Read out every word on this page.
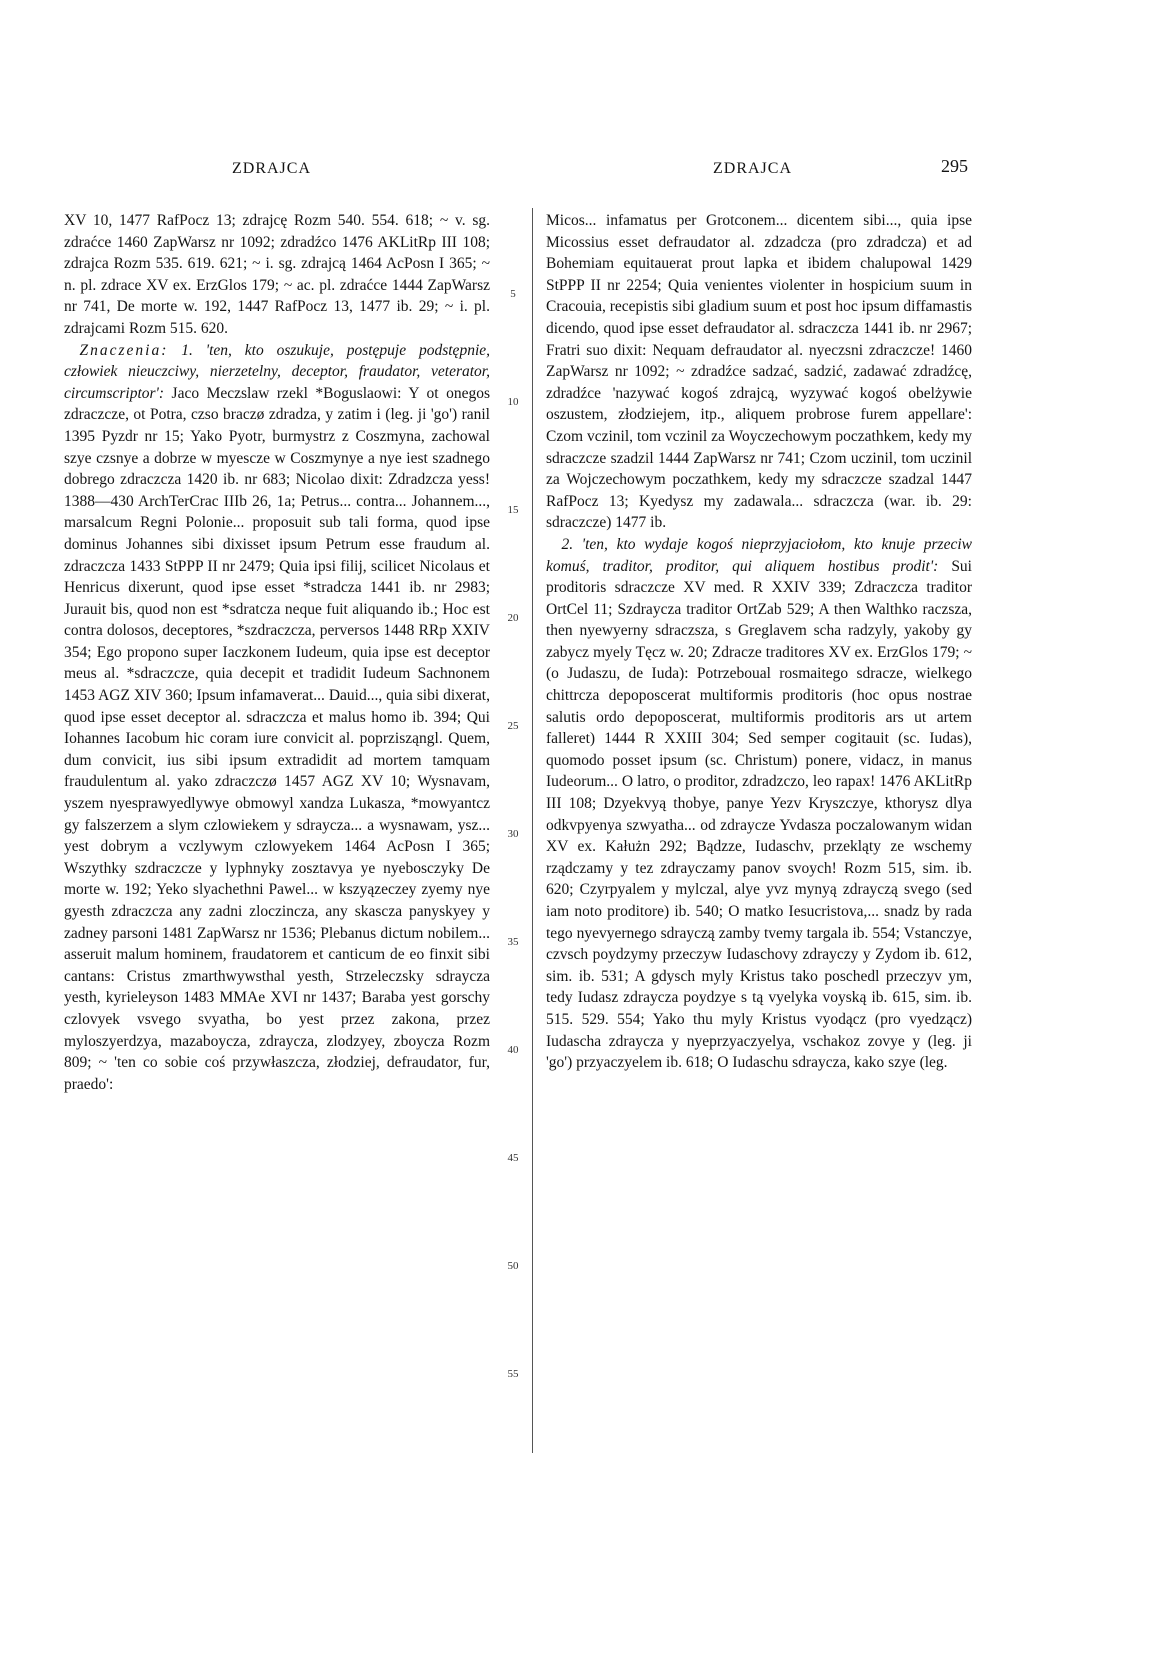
ZDRAJCA	ZDRAJCA	295

XV 10, 1477 RafPocz 13; zdrajcę Rozm 540. 554. 618; ~ v. sg. zdraćce 1460 ZapWarsz nr 1092; zdradźco 1476 AKLitRp III 108; zdrajca Rozm 535. 619. 621; ~ i. sg. zdrajcą 1464 AcPosn I 365; ~ n. pl. zdrace XV ex. ErzGlos 179; ~ ac. pl. zdraćce 1444 ZapWarsz nr 741, De morte w. 192, 1447 RafPocz 13, 1477 ib. 29; ~ i. pl. zdrajcami Rozm 515. 620.

 Znaczenia: 1. 'ten, kto oszukuje, postępuje podstępnie, człowiek nieuczciwy, nierzetelny, deceptor, fraudator, veterator, circumscriptor': Jaco Meczslaw rzekl *Boguslaowi: Y ot onegos zdraczcze, ot Potra, czso braczø zdradza, y zatim i (leg. ji 'go') ranil 1395 Pyzdr nr 15; Yako Pyotr, burmystrz z Coszmyna, zachowal szye czsnye a dobrze w myescze w Coszmynye a nye iest szadnego dobrego zdraczcza 1420 ib. nr 683; Nicolao dixit: Zdradzcza yess! 1388—430 ArchTerCrac IIIb 26, 1a; Petrus... contra... Johannem..., marsalcum Regni Polonie... proposuit sub tali forma, quod ipse dominus Johannes sibi dixisset ipsum Petrum esse fraudum al. zdraczcza 1433 StPPP II nr 2479; Quia ipsi filij, scilicet Nicolaus et Henricus dixerunt, quod ipse esset *stradcza 1441 ib. nr 2983; Jurauit bis, quod non est *sdratcza neque fuit aliquando ib.; Hoc est contra dolosos, deceptores, *szdraczcza, perversos 1448 RRp XXIV 354; Ego propono super Iaczkonem Iudeum, quia ipse est deceptor meus al. *sdraczcze, quia decepit et tradidit Iudeum Sachnonem 1453 AGZ XIV 360; Ipsum infamaverat... Dauid..., quia sibi dixerat, quod ipse esset deceptor al. sdraczcza et malus homo ib. 394; Qui Iohannes Iacobum hic coram iure convicit al. poprzisząngl. Quem, dum convicit, ius sibi ipsum extradidit ad mortem tamquam fraudulentum al. yako zdraczczø 1457 AGZ XV 10; Wysnavam, yszem nyesprawyedlywye obmowyl xandza Lukasza, *mowyantcz gy falszerzem a slym czlowiekem y sdraycza... a wysnawam, ysz... yest dobrym a vczlywym czlowyekem 1464 AcPosn I 365; Wszythky szdraczcze y lyphnyky zosztavya ye nyebosczyky De morte w. 192; Yeko slyachethni Pawel... w kszyązeczey zyemy nye gyesth zdraczcza any zadni zloczincza, any skascza panyskyey y zadney parsoni 1481 ZapWarsz nr 1536; Plebanus dictum nobilem... asseruit malum hominem, fraudatorem et canticum de eo finxit sibi cantans: Cristus zmarthwywsthal yesth, Strzeleczsky sdraycza yesth, kyrieleyson 1483 MMAe XVI nr 1437; Baraba yest gorschy czlovyek vsvego svyatha, bo yest przez zakona, przez myloszyerdzya, mazaboycza, zdraycza, zlodzyey, zboycza Rozm 809; ~ 'ten co sobie coś przywłaszcza, złodziej, defraudator, fur, praedo':

5
10
15
20
25
30
35
40
45
50
55

Micos... infamatus per Grotconem... dicentem sibi..., quia ipse Micossius esset defraudator al. zdzadcza (pro zdradcza) et ad Bohemiam equitauerat prout lapka et ibidem chalupowal 1429 StPPP II nr 2254; Quia venientes violenter in hospicium suum in Cracouia, recepistis sibi gladium suum et post hoc ipsum diffamastis dicendo, quod ipse esset defraudator al. sdraczcza 1441 ib. nr 2967; Fratri suo dixit: Nequam defraudator al. nyeczsni zdraczcze! 1460 ZapWarsz nr 1092; ~ zdradźce sadzać, sadzić, zadawać zdradźcę, zdradźce 'nazywać kogoś zdrajcą, wyzywać kogoś obelżywie oszustem, złodziejem, itp., aliquem probrose furem appellare': Czom vczinil, tom vczinil za Woyczechowym poczathkem, kedy my sdraczcze szadzil 1444 ZapWarsz nr 741; Czom uczinil, tom uczinil za Wojczechowym poczathkem, kedy my sdraczcze szadzal 1447 RafPocz 13; Kyedysz my zadawala... sdraczcza (war. ib. 29: sdraczcze) 1477 ib.

 2. 'ten, kto wydaje kogoś nieprzyjaciołom, kto knuje przeciw komuś, traditor, proditor, qui aliquem hostibus prodit': Sui proditoris sdraczcze XV med. R XXIV 339; Zdraczcza traditor OrtCel 11; Szdraycza traditor OrtZab 529; A then Walthko raczsza, then nyewyerny sdraczsza, s Greglavem scha radzyly, yakoby gy zabycz myely Tęcz w. 20; Zdracze traditores XV ex. ErzGlos 179; ~ (o Judaszu, de Iuda): Potrzeboual rosmaitego sdracze, wielkego chittrcza depoposcerat multiformis proditoris (hoc opus nostrae salutis ordo depoposcerat, multiformis proditoris ars ut artem falleret) 1444 R XXIII 304; Sed semper cogitauit (sc. Iudas), quomodo posset ipsum (sc. Christum) ponere, vidacz, in manus Iudeorum... O latro, o proditor, zdradzczo, leo rapax! 1476 AKLitRp III 108; Dzyekvyą thobye, panye Yezv Kryszczye, kthorysz dlya odkvpyenya szwyatha... od zdraycze Yvdasza poczalowanym widan XV ex. Kałużn 292; Bądzze, Iudaschv, przekląty ze wschemy rządczamy y tez zdrayczamy panov svoych! Rozm 515, sim. ib. 620; Czyrpyalem y mylczal, alye yvz mynyą zdrayczą svego (sed iam noto proditore) ib. 540; O matko Iesucristova,... snadz by rada tego nyevyernego sdrayczą zamby tvemy targala ib. 554; Vstanczye, czvsch poydzymy przeczyw Iudaschovy zdrayczy y Zydom ib. 612, sim. ib. 531; A gdysch myly Kristus tako poschedl przeczyv ym, tedy Iudasz zdraycza poydzye s tą vyelyka voyską ib. 615, sim. ib. 515. 529. 554; Yako thu myly Kristus vyodącz (pro vyedzącz) Iudascha zdraycza y nyeprzyaczyelya, vschakoz zovye y (leg. ji 'go') przyaczyelem ib. 618; O Iudaschu sdraycza, kako szye (leg.
